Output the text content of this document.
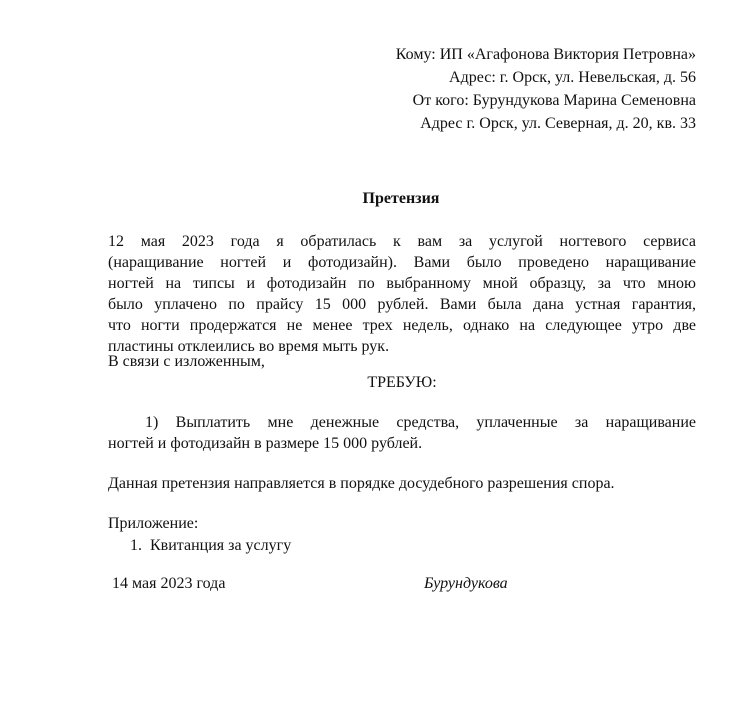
Кому: ИП «Агафонова Виктория Петровна»
Адрес: г. Орск, ул. Невельская, д. 56
От кого: Бурундукова Марина Семеновна
Адрес г. Орск, ул. Северная, д. 20, кв. 33
Претензия
12 мая 2023 года я обратилась к вам за услугой ногтевого сервиса
(наращивание ногтей и фотодизайн). Вами было проведено наращивание
ногтей на типсы и фотодизайн по выбранному мной образцу, за что мною
было уплачено по прайсу 15 000 рублей. Вами была дана устная гарантия,
что ногти продержатся не менее трех недель, однако на следующее утро две
пластины отклеились во время мыть рук.
В связи с изложенным,
ТРЕБУЮ:
1) Выплатить мне денежные средства, уплаченные за наращивание
ногтей и фотодизайн в размере 15 000 рублей.
Данная претензия направляется в порядке досудебного разрешения спора.
Приложение:
1.  Квитанция за услугу
14 мая 2023 года	Бурундукова
